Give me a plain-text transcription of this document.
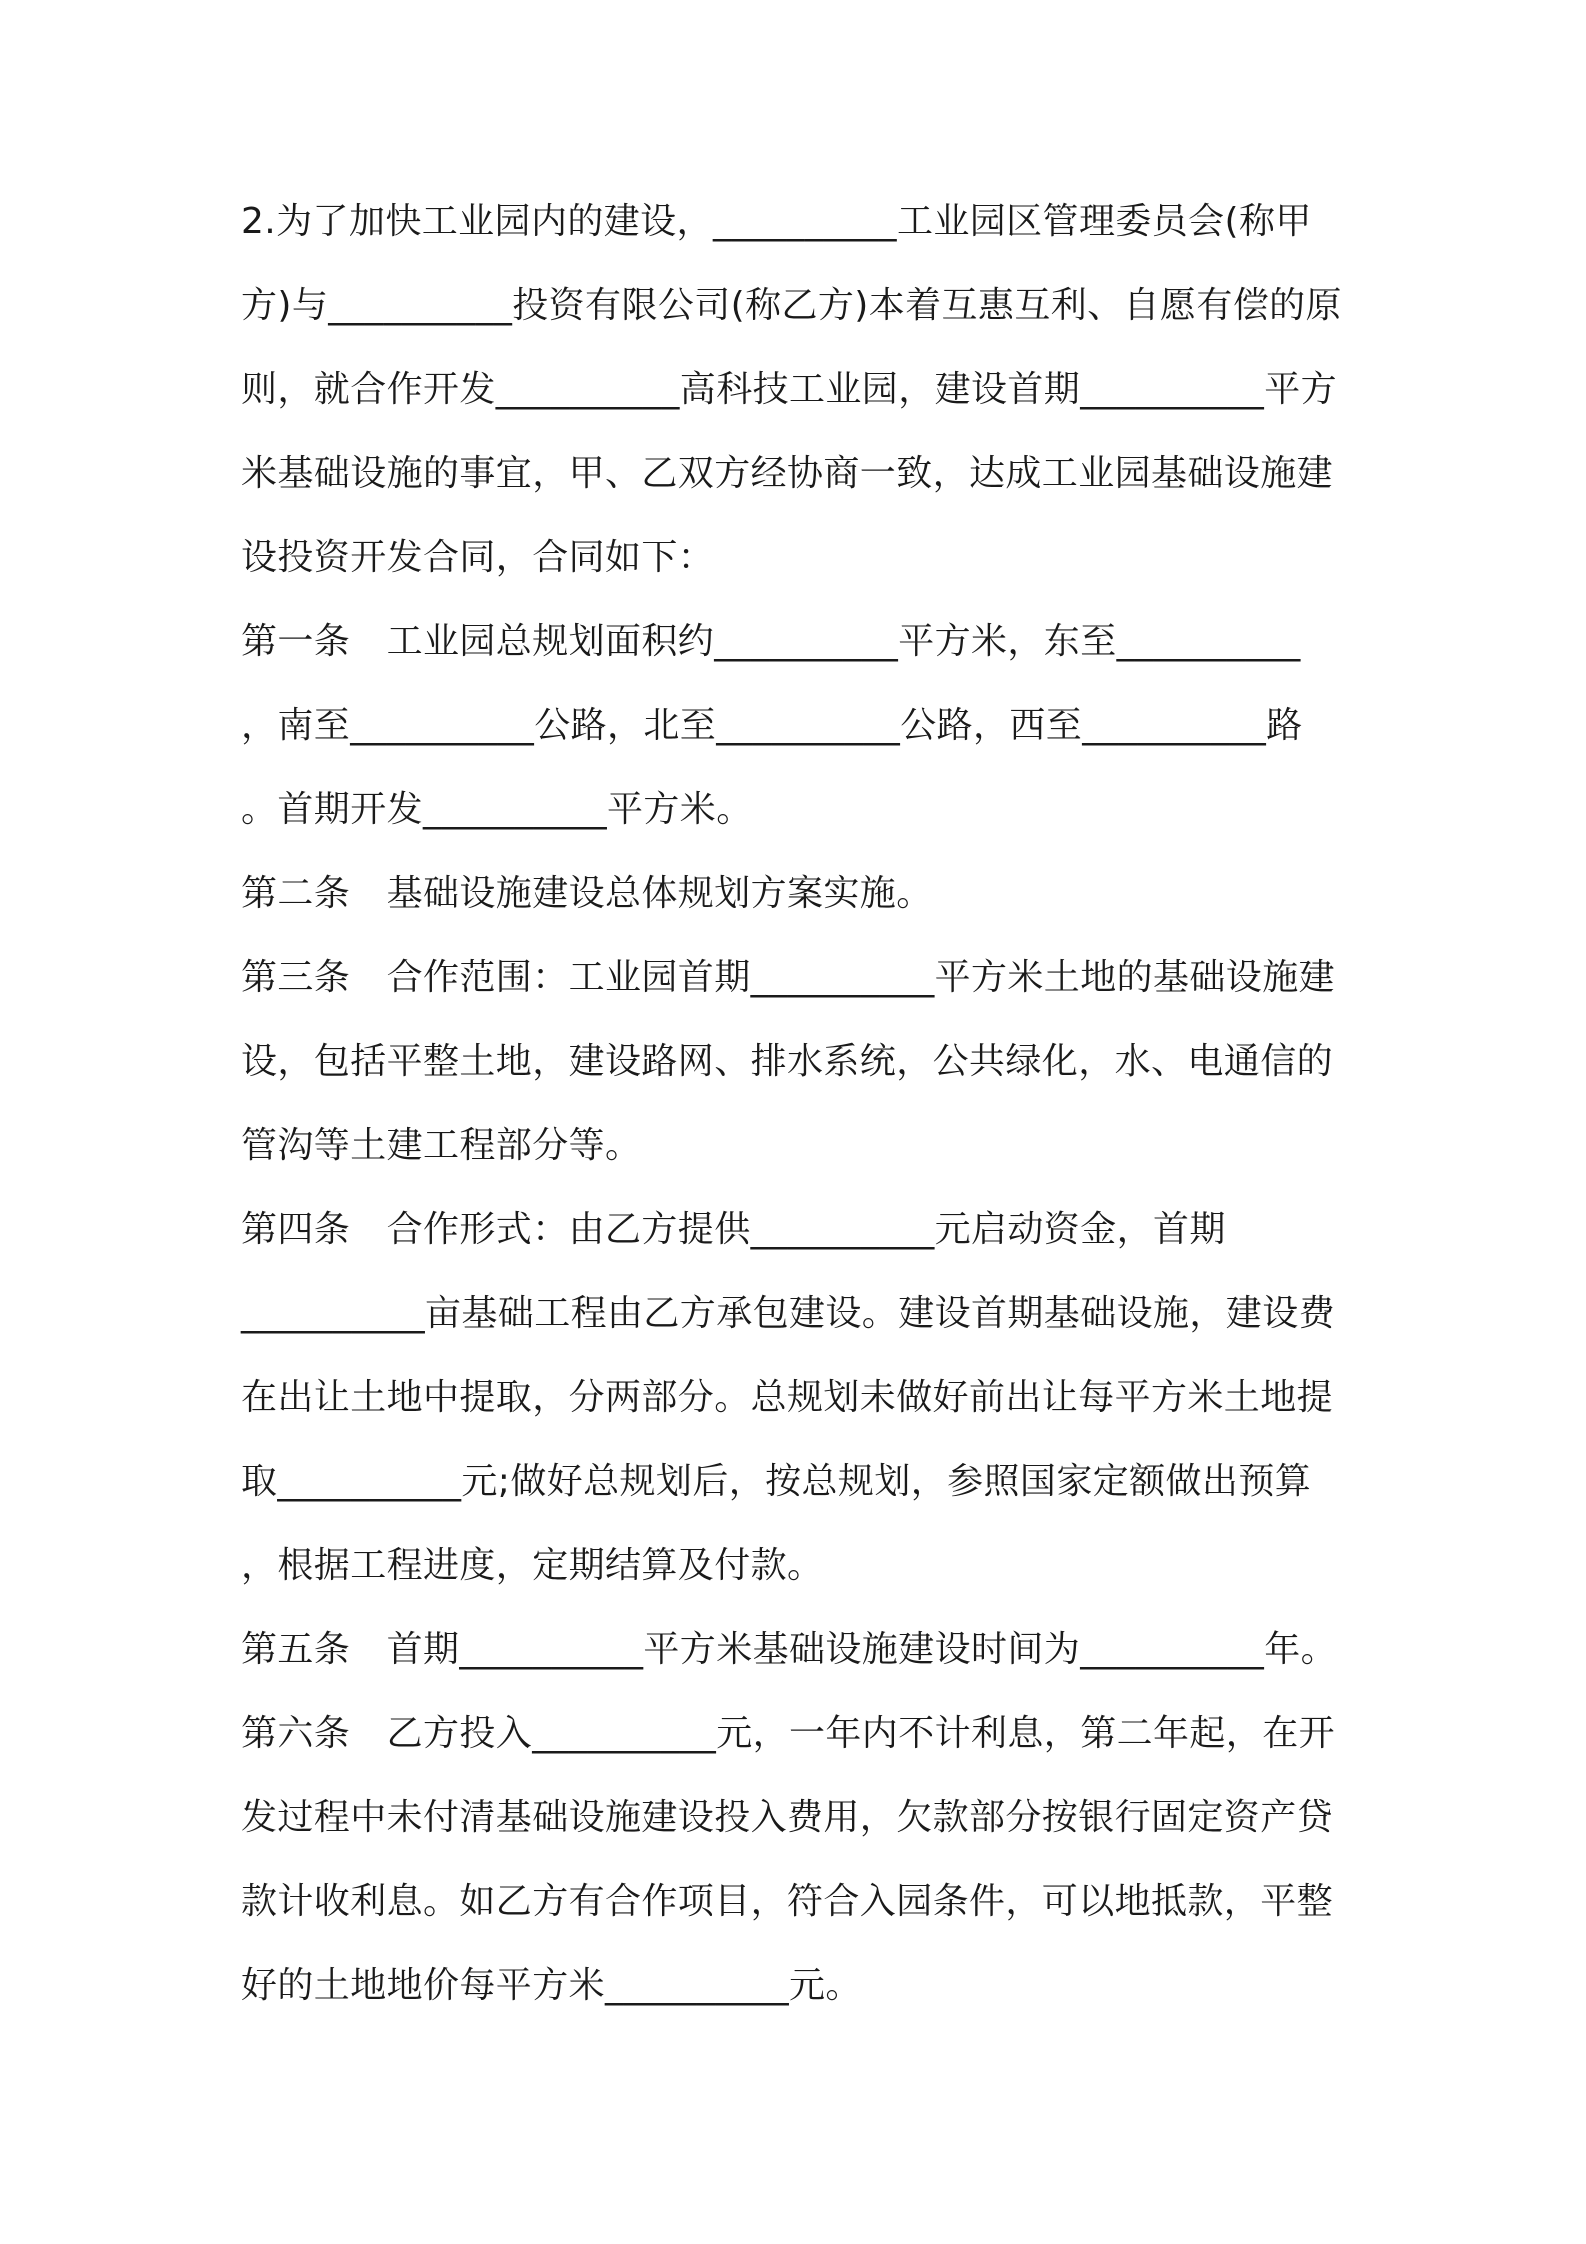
2.为了加快工业园内的建设，__________工业园区管理委员会(称甲
方)与__________投资有限公司(称乙方)本着互惠互利、自愿有偿的原
则，就合作开发__________高科技工业园，建设首期__________平方
米基础设施的事宜，甲、乙双方经协商一致，达成工业园基础设施建
设投资开发合同，合同如下：
第一条　工业园总规划面积约__________平方米，东至__________
，南至__________公路，北至__________公路，西至__________路
。首期开发__________平方米。
第二条　基础设施建设总体规划方案实施。
第三条　合作范围：工业园首期__________平方米土地的基础设施建
设，包括平整土地，建设路网、排水系统，公共绿化，水、电通信的
管沟等土建工程部分等。
第四条　合作形式：由乙方提供__________元启动资金，首期
__________亩基础工程由乙方承包建设。建设首期基础设施，建设费
在出让土地中提取，分两部分。总规划未做好前出让每平方米土地提
取__________元;做好总规划后，按总规划，参照国家定额做出预算
，根据工程进度，定期结算及付款。
第五条　首期__________平方米基础设施建设时间为__________年。
第六条　乙方投入__________元，一年内不计利息，第二年起，在开
发过程中未付清基础设施建设投入费用，欠款部分按银行固定资产贷
款计收利息。如乙方有合作项目，符合入园条件，可以地抵款，平整
好的土地地价每平方米__________元。
